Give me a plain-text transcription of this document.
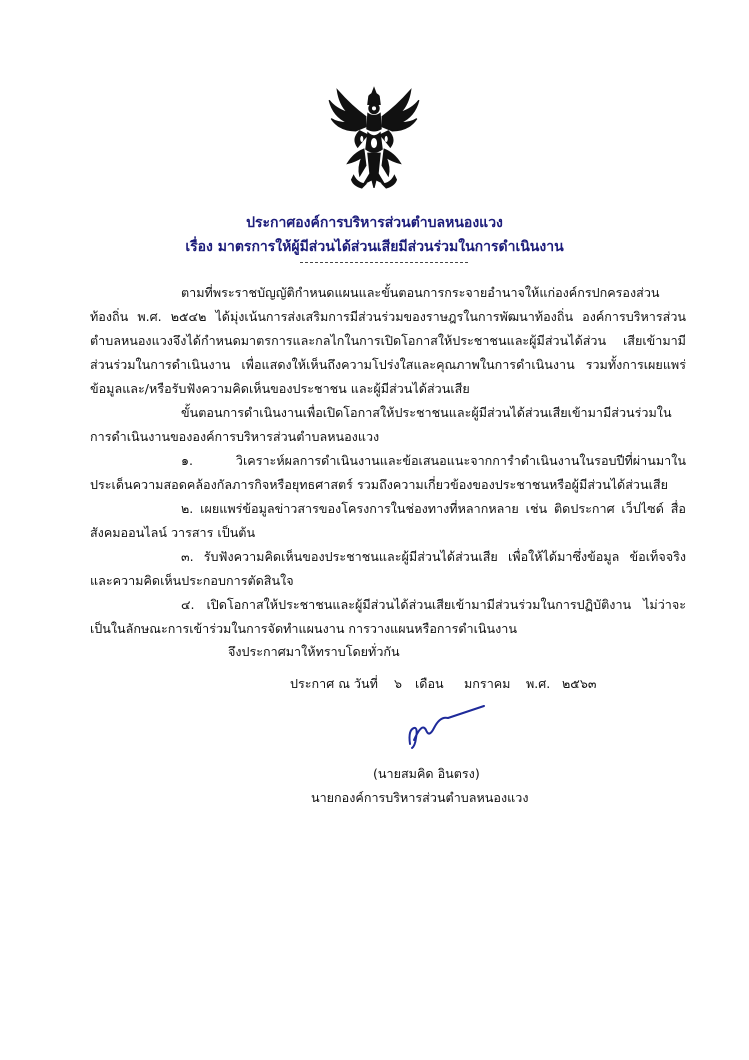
ประกาศองค์การบริหารส่วนตำบลหนองแวง
เรื่อง มาตรการให้ผู้มีส่วนได้ส่วนเสียมีส่วนร่วมในการดำเนินงาน
ตามที่พระราชบัญญัติกำหนดแผนและขั้นตอนการกระจายอำนาจให้แก่องค์กรปกครองส่วน
ท้องถิ่น พ.ศ. ๒๕๔๒ ได้มุ่งเน้นการส่งเสริมการมีส่วนร่วมของราษฎรในการพัฒนาท้องถิ่น องค์การบริหารส่วน
ตำบลหนองแวงจึงได้กำหนดมาตรการและกลไกในการเปิดโอกาสให้ประชาชนและผู้มีส่วนได้ส่วน เสียเข้ามามี
ส่วนร่วมในการดำเนินงาน เพื่อแสดงให้เห็นถึงความโปร่งใสและคุณภาพในการดำเนินงาน รวมทั้งการเผยแพร่
ข้อมูลและ/หรือรับฟังความคิดเห็นของประชาชน และผู้มีส่วนได้ส่วนเสีย
ขั้นตอนการดำเนินงานเพื่อเปิดโอกาสให้ประชาชนและผู้มีส่วนได้ส่วนเสียเข้ามามีส่วนร่วมใน
การดำเนินงานขององค์การบริหารส่วนตำบลหนองแวง
๑. วิเคราะห์ผลการดำเนินงานและข้อเสนอแนะจากการำดำเนินงานในรอบปีที่ผ่านมาใน
ประเด็นความสอดคล้องกัลภารกิจหรือยุทธศาสตร์ รวมถึงความเกี่ยวข้องของประชาชนหรือผู้มีส่วนได้ส่วนเสีย
๒. เผยแพร่ข้อมูลข่าวสารของโครงการในช่องทางที่หลากหลาย เช่น ติดประกาศ เว็ปไซด์ สื่อ
สังคมออนไลน์ วารสาร เป็นต้น
๓. รับฟังความคิดเห็นของประชาชนและผู้มีส่วนได้ส่วนเสีย เพื่อให้ได้มาซึ่งข้อมูล ข้อเท็จจริง
และความคิดเห็นประกอบการตัดสินใจ
๔. เปิดโอกาสให้ประชาชนและผู้มีส่วนได้ส่วนเสียเข้ามามีส่วนร่วมในการปฏิบัติงาน ไม่ว่าจะ
เป็นในลักษณะการเข้าร่วมในการจัดทำแผนงาน การวางแผนหรือการดำเนินงาน
จึงประกาศมาให้ทราบโดยทั่วกัน
ประกาศ ณ วันที่ ๖ เดือน มกราคม พ.ศ. ๒๕๖๓
(นายสมคิด อินตรง)
นายกองค์การบริหารส่วนตำบลหนองแวง
